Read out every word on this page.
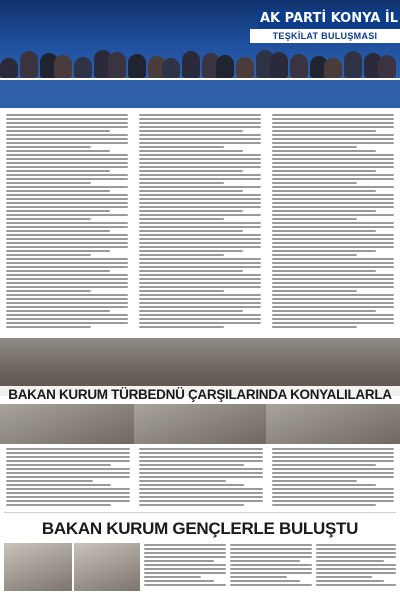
AK PARTİ KONYA İL
TEŞKİLAT BULUŞMASI
BAKAN KURUM TÜRBEDNÜ ÇARŞILARINDA KONYALILARLA
BAKAN KURUM GENÇLERLE BULUŞTU
